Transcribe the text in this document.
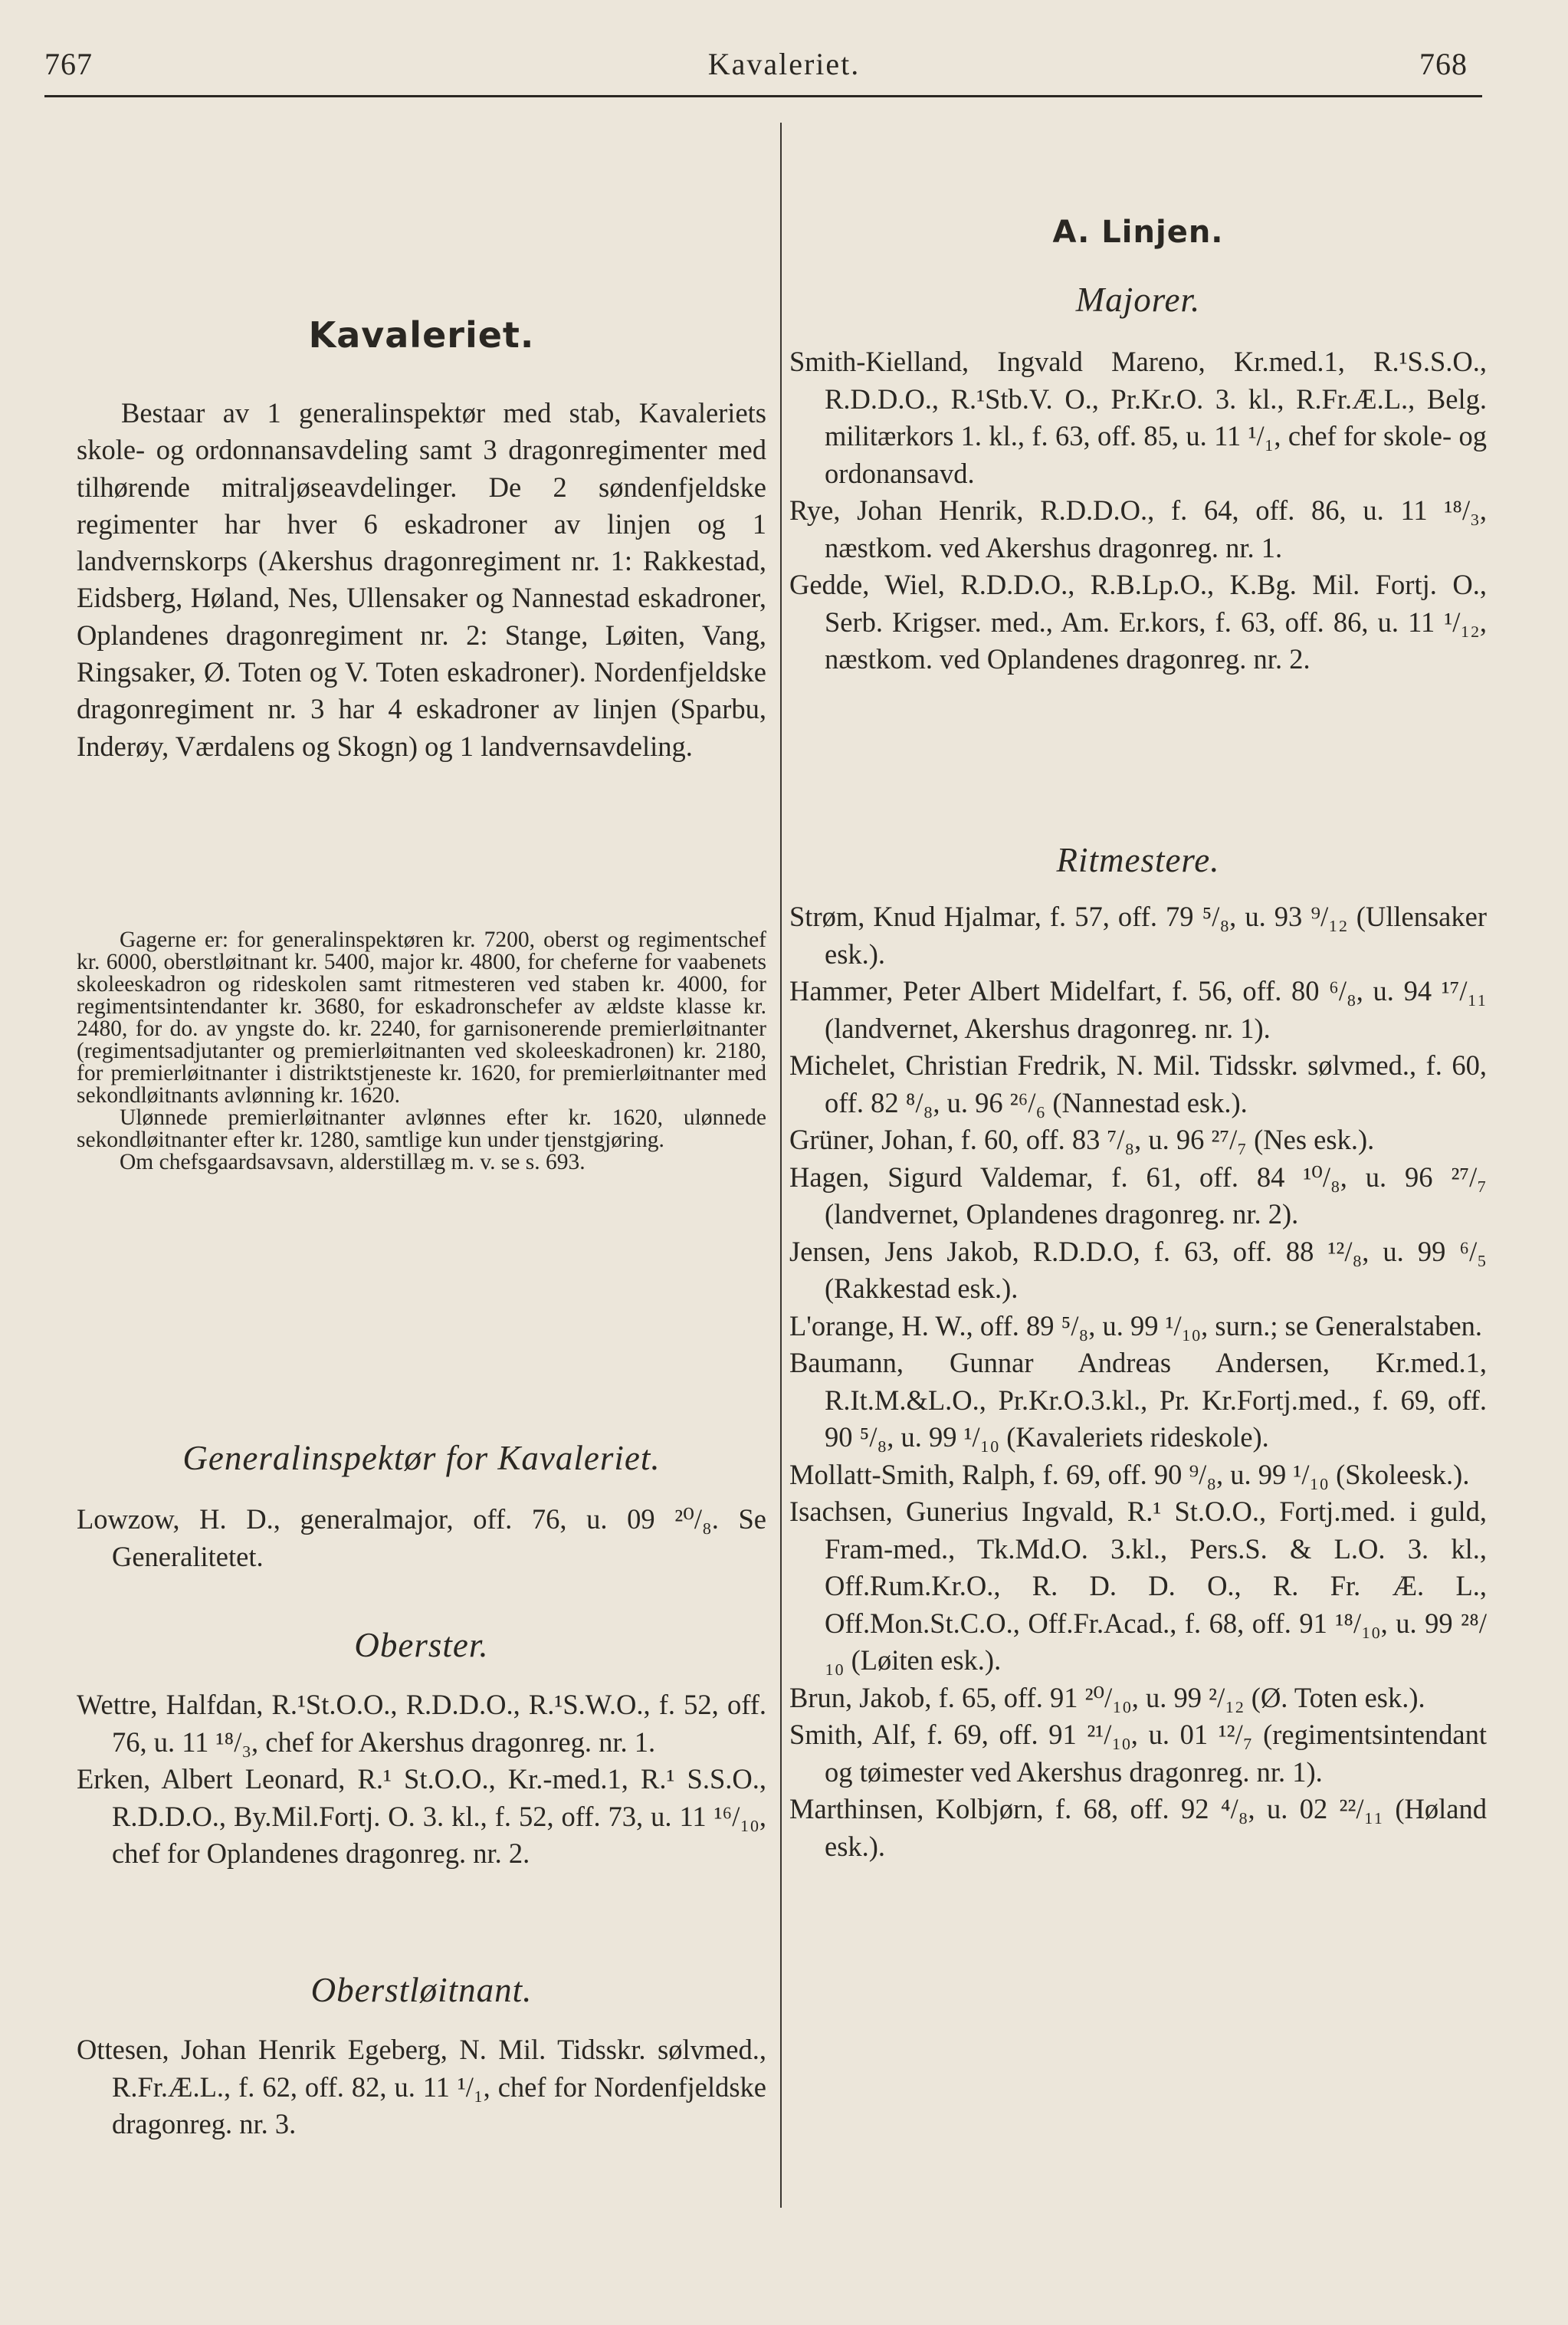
767	Kavaleriet.	768
Kavaleriet.
Bestaar av 1 generalinspektør med stab, Kavaleriets skole- og ordonnansavdeling samt 3 dragonregimenter med tilhørende mitraljøseavdelinger. De 2 søndenfjeldske regimenter har hver 6 eskadroner av linjen og 1 landvernskorps (Akershus dragonregiment nr. 1: Rakkestad, Eidsberg, Høland, Nes, Ullensaker og Nannestad eskadroner, Oplandenes dragonregiment nr. 2: Stange, Løiten, Vang, Ringsaker, Ø. Toten og V. Toten eskadroner). Nordenfjeldske dragonregiment nr. 3 har 4 eskadroner av linjen (Sparbu, Inderøy, Værdalens og Skogn) og 1 landvernsavdeling.

Gagerne er: for generalinspektøren kr. 7200, oberst og regimentschef kr. 6000, oberstløitnant kr. 5400, major kr. 4800, for cheferne for vaabenets skoleeskadron og rideskolen samt ritmesteren ved staben kr. 4000, for regimentsintendanter kr. 3680, for eskadronschefer av ældste klasse kr. 2480, for do. av yngste do. kr. 2240, for garnisonerende premierløitnanter (regimentsadjutanter og premierløitnanten ved skoleeskadronen) kr. 2180, for premierløitnanter i distriktstjeneste kr. 1620, for premierløitnanter med sekondløitnants avlønning kr. 1620.

Ulønnede premierløitnanter avlønnes efter kr. 1620, ulønnede sekondløitnanter efter kr. 1280, samtlige kun under tjenstgjøring.

Om chefsgaardsavsavn, alderstillæg m. v. se s. 693.

Generalinspektør for Kavaleriet.

Lowzow, H. D., generalmajor, off. 76, u. 09 ²⁰/₈. Se Generalitetet.

Oberster.

Wettre, Halfdan, R.¹St.O.O., R.D.D.O., R.¹S.W.O., f. 52, off. 76, u. 11 ¹⁸/₃, chef for Akershus dragonreg. nr. 1.

Erken, Albert Leonard, R.¹ St.O.O., Kr.-med.1, R.¹ S.S.O., R.D.D.O., By.Mil.Fortj. O. 3. kl., f. 52, off. 73, u. 11 ¹⁶/₁₀, chef for Oplandenes dragonreg. nr. 2.

Oberstløitnant.

Ottesen, Johan Henrik Egeberg, N. Mil. Tidsskr. sølvmed., R.Fr.Æ.L., f. 62, off. 82, u. 11 ¹/₁, chef for Nordenfjeldske dragonreg. nr. 3.

A. Linjen.
Majorer.

Smith-Kielland, Ingvald Mareno, Kr.med.1, R.¹S.S.O., R.D.D.O., R.¹Stb.V. O., Pr.Kr.O. 3. kl., R.Fr.Æ.L., Belg. militærkors 1. kl., f. 63, off. 85, u. 11 ¹/₁, chef for skole- og ordonansavd.

Rye, Johan Henrik, R.D.D.O., f. 64, off. 86, u. 11 ¹⁸/₃, næstkom. ved Akershus dragonreg. nr. 1.

Gedde, Wiel, R.D.D.O., R.B.Lp.O., K.Bg. Mil. Fortj. O., Serb. Krigser. med., Am. Er.kors, f. 63, off. 86, u. 11 ¹/₁₂, næstkom. ved Oplandenes dragonreg. nr. 2.

Ritmestere.

Strøm, Knud Hjalmar, f. 57, off. 79 ⁵/₈, u. 93 ⁹/₁₂ (Ullensaker esk.).

Hammer, Peter Albert Midelfart, f. 56, off. 80 ⁶/₈, u. 94 ¹⁷/₁₁ (landvernet, Akershus dragonreg. nr. 1).

Michelet, Christian Fredrik, N. Mil. Tidsskr. sølvmed., f. 60, off. 82 ⁸/₈, u. 96 ²⁶/₆ (Nannestad esk.).

Grüner, Johan, f. 60, off. 83 ⁷/₈, u. 96 ²⁷/₇ (Nes esk.).

Hagen, Sigurd Valdemar, f. 61, off. 84 ¹⁰/₈, u. 96 ²⁷/₇ (landvernet, Oplandenes dragonreg. nr. 2).

Jensen, Jens Jakob, R.D.D.O, f. 63, off. 88 ¹²/₈, u. 99 ⁶/₅ (Rakkestad esk.).

L'orange, H. W., off. 89 ⁵/₈, u. 99 ¹/₁₀, surn.; se Generalstaben.

Baumann, Gunnar Andreas Andersen, Kr.med.1, R.It.M.&L.O., Pr.Kr.O.3.kl., Pr. Kr.Fortj.med., f. 69, off. 90 ⁵/₈, u. 99 ¹/₁₀ (Kavaleriets rideskole).

Mollatt-Smith, Ralph, f. 69, off. 90 ⁹/₈, u. 99 ¹/₁₀ (Skoleesk.).

Isachsen, Gunerius Ingvald, R.¹ St.O.O., Fortj.med. i guld, Fram-med., Tk.Md.O. 3.kl., Pers.S. & L.O. 3. kl., Off.Rum.Kr.O., R. D. D. O., R. Fr. Æ. L., Off.Mon.St.C.O., Off.Fr.Acad., f. 68, off. 91 ¹⁸/₁₀, u. 99 ²⁸/₁₀ (Løiten esk.).

Brun, Jakob, f. 65, off. 91 ²⁰/₁₀, u. 99 ²/₁₂ (Ø. Toten esk.).

Smith, Alf, f. 69, off. 91 ²¹/₁₀, u. 01 ¹²/₇ (regimentsintendant og tøimester ved Akershus dragonreg. nr. 1).

Marthinsen, Kolbjørn, f. 68, off. 92 ⁴/₈, u. 02 ²²/₁₁ (Høland esk.).
